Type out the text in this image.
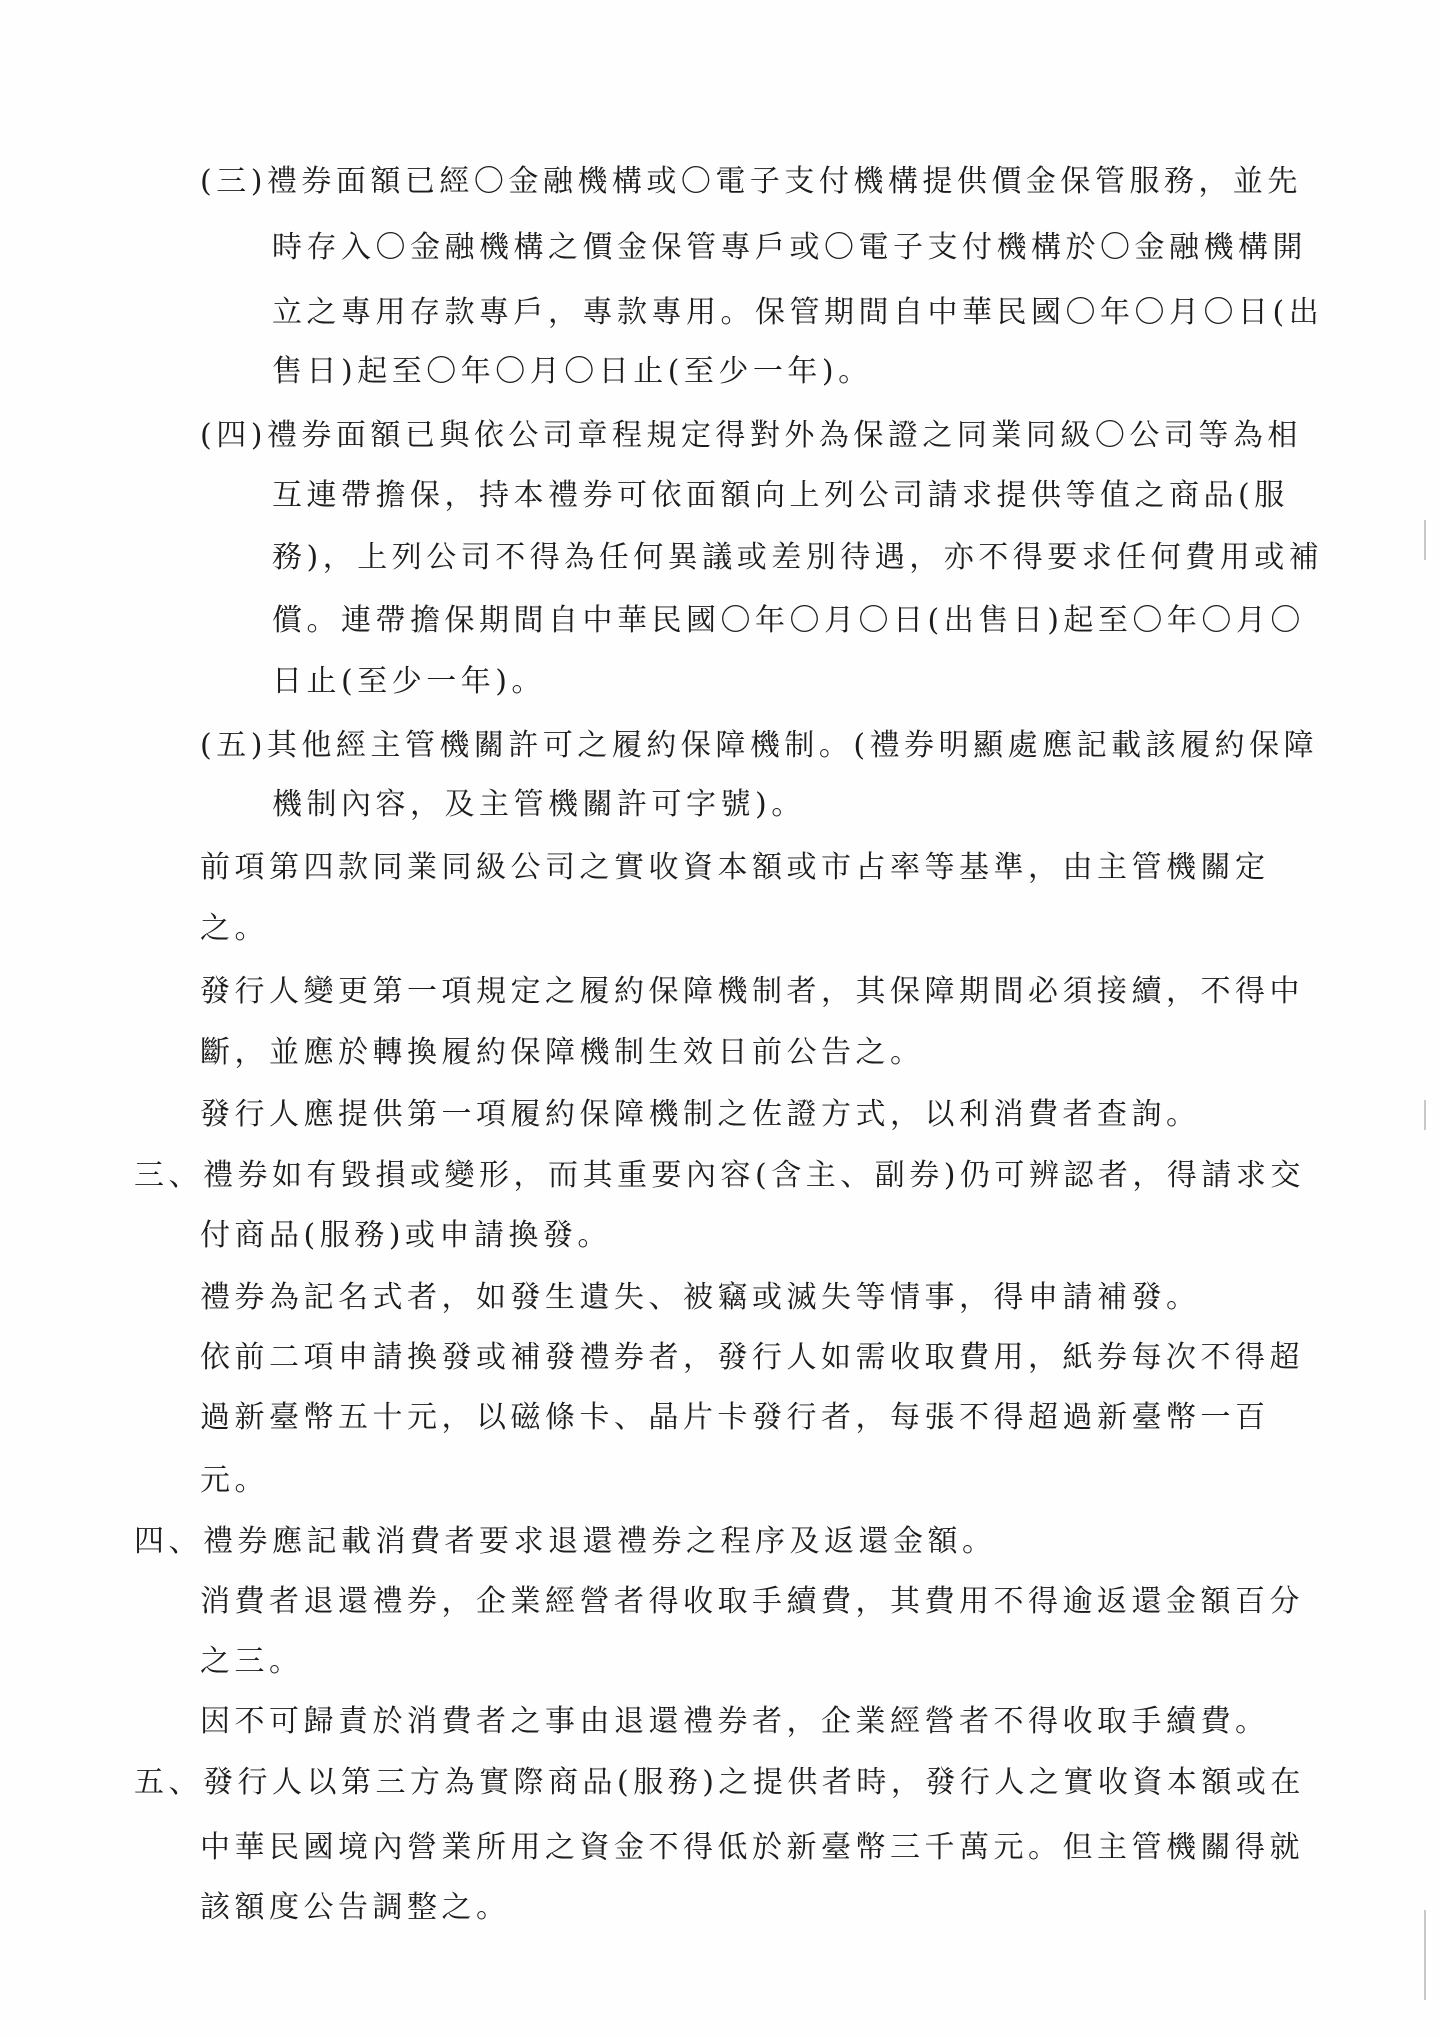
(三)禮券面額已經〇金融機構或〇電子支付機構提供價金保管服務，並先
時存入〇金融機構之價金保管專戶或〇電子支付機構於〇金融機構開
立之專用存款專戶，專款專用。保管期間自中華民國〇年〇月〇日(出
售日)起至〇年〇月〇日止(至少一年)。
(四)禮券面額已與依公司章程規定得對外為保證之同業同級〇公司等為相
互連帶擔保，持本禮券可依面額向上列公司請求提供等值之商品(服
務)，上列公司不得為任何異議或差別待遇，亦不得要求任何費用或補
償。連帶擔保期間自中華民國〇年〇月〇日(出售日)起至〇年〇月〇
日止(至少一年)。
(五)其他經主管機關許可之履約保障機制。(禮券明顯處應記載該履約保障
機制內容，及主管機關許可字號)。
前項第四款同業同級公司之實收資本額或市占率等基準，由主管機關定
之。
發行人變更第一項規定之履約保障機制者，其保障期間必須接續，不得中
斷，並應於轉換履約保障機制生效日前公告之。
發行人應提供第一項履約保障機制之佐證方式，以利消費者查詢。
三、禮券如有毀損或變形，而其重要內容(含主、副券)仍可辨認者，得請求交
付商品(服務)或申請換發。
禮券為記名式者，如發生遺失、被竊或滅失等情事，得申請補發。
依前二項申請換發或補發禮券者，發行人如需收取費用，紙券每次不得超
過新臺幣五十元，以磁條卡、晶片卡發行者，每張不得超過新臺幣一百
元。
四、禮券應記載消費者要求退還禮券之程序及返還金額。
消費者退還禮券，企業經營者得收取手續費，其費用不得逾返還金額百分
之三。
因不可歸責於消費者之事由退還禮券者，企業經營者不得收取手續費。
五、發行人以第三方為實際商品(服務)之提供者時，發行人之實收資本額或在
中華民國境內營業所用之資金不得低於新臺幣三千萬元。但主管機關得就
該額度公告調整之。
